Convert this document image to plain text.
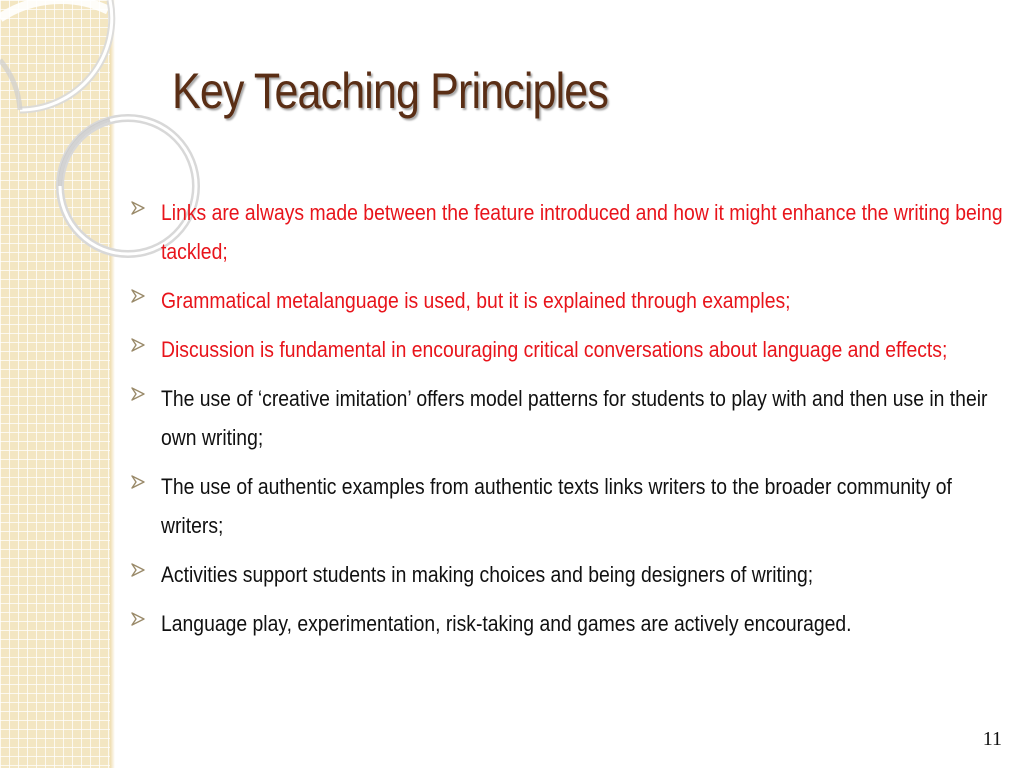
Key Teaching Principles
Links are always made between the feature introduced and how it might enhance the writing being tackled;
Grammatical metalanguage is used, but it is explained through examples;
Discussion is fundamental in encouraging critical conversations about language and effects;
The use of ‘creative imitation’ offers model patterns for students to play with and then use in their own writing;
The use of authentic examples from authentic texts links writers to the broader community of writers;
Activities support students in making choices and being designers of writing;
Language play, experimentation, risk-taking and games are actively encouraged.
11
